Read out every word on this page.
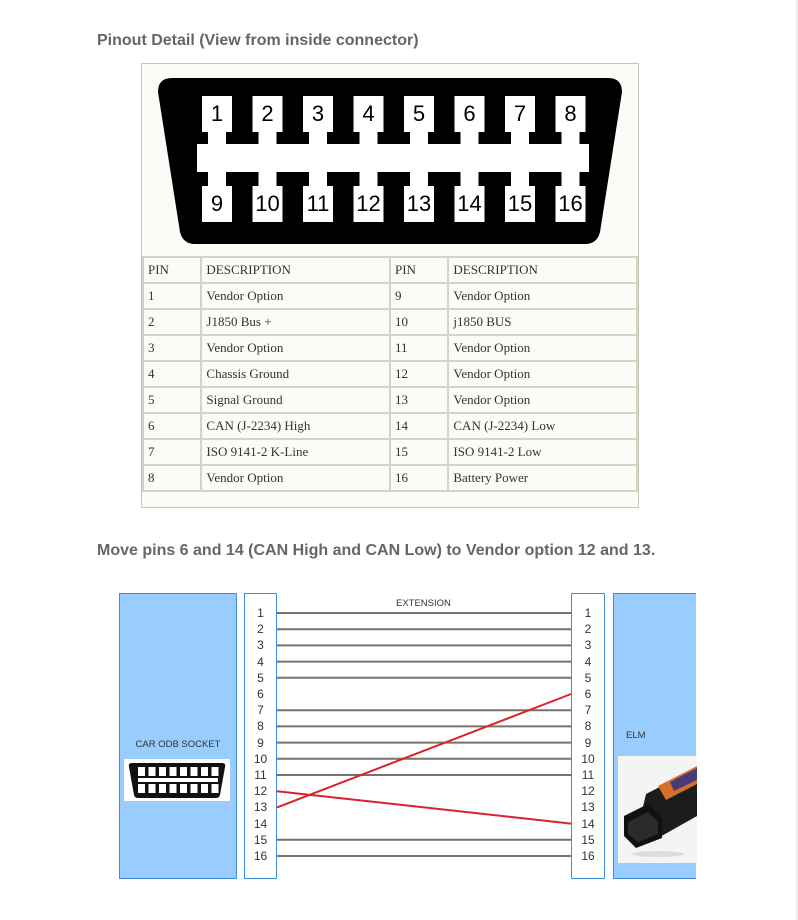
Pinout Detail (View from inside connector)
1 2 3 4 5 6 7 8
9 10 11 12 13 14 15 16
PIN	DESCRIPTION	PIN	DESCRIPTION
1	Vendor Option	9	Vendor Option
2	J1850 Bus +	10	j1850 BUS
3	Vendor Option	11	Vendor Option
4	Chassis Ground	12	Vendor Option
5	Signal Ground	13	Vendor Option
6	CAN (J-2234) High	14	CAN (J-2234) Low
7	ISO 9141-2 K-Line	15	ISO 9141-2 Low
8	Vendor Option	16	Battery Power
Move pins 6 and 14 (CAN High and CAN Low) to Vendor option 12 and 13.
CAR ODB SOCKET
1
2
3
4
5
6
7
8
9
10
11
12
13
14
15
16
EXTENSION
1
2
3
4
5
6
7
8
9
10
11
12
13
14
15
16
ELM
